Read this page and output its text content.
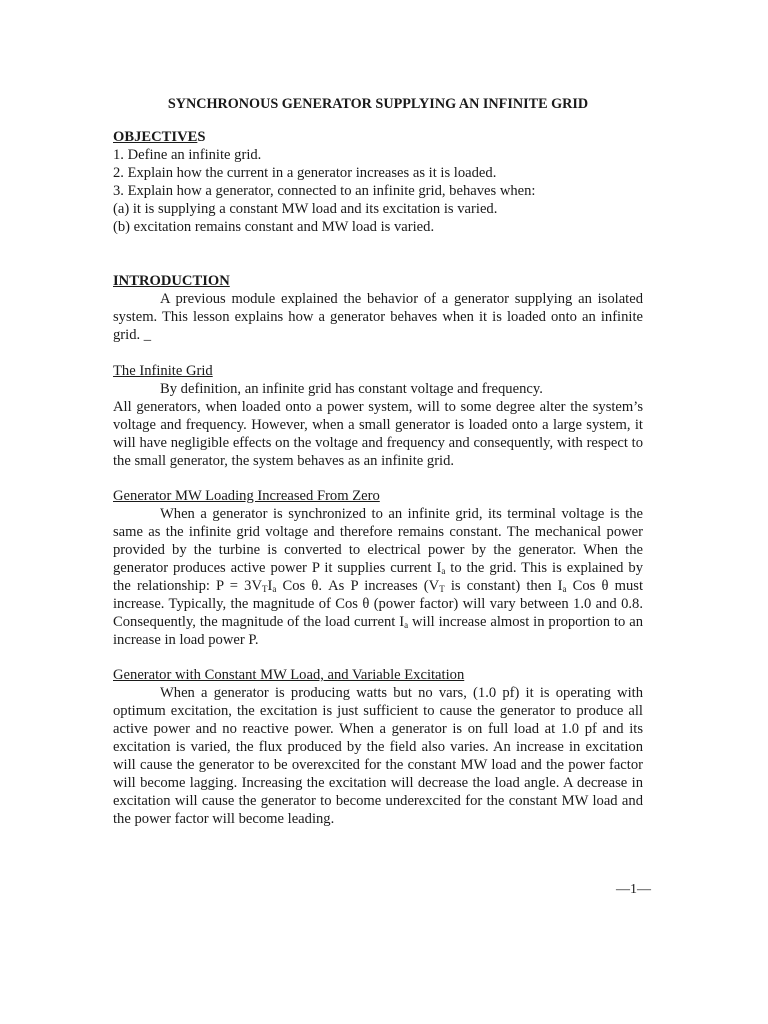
SYNCHRONOUS GENERATOR SUPPLYING AN INFINITE GRID
OBJECTIVES

1. Define an infinite grid.

2. Explain how the current in a generator increases as it is loaded.

3. Explain how a generator, connected to an infinite grid, behaves when:

(a) it is supplying a constant MW load and its excitation is varied.

(b) excitation remains constant and MW load is varied.

INTRODUCTION

A previous module explained the behavior of a generator supplying an isolated system. This lesson explains how a generator behaves when it is loaded onto an infinite grid. _

The Infinite Grid

By definition, an infinite grid has constant voltage and frequency.

All generators, when loaded onto a power system, will to some degree alter the system’s voltage and frequency. However, when a small generator is loaded onto a large system, it will have negligible effects on the voltage and frequency and consequently, with respect to the small generator, the system behaves as an infinite grid.

Generator MW Loading Increased From Zero

When a generator is synchronized to an infinite grid, its terminal voltage is the same as the infinite grid voltage and therefore remains constant. The mechanical power provided by the turbine is converted to electrical power by the generator. When the generator produces active power P it supplies current $I_a$ to the grid. This is explained by the relationship: $P = 3V_TI_a$ Cos θ. As P increases ($V_T$ is constant) then $I_a$ Cos θ must increase. Typically, the magnitude of Cos θ (power factor) will vary between 1.0 and 0.8. Consequently, the magnitude of the load current $I_a$ will increase almost in proportion to an increase in load power P.

Generator with Constant MW Load, and Variable Excitation

When a generator is producing watts but no vars, (1.0 pf) it is operating with optimum excitation, the excitation is just sufficient to cause the generator to produce all active power and no reactive power. When a generator is on full load at 1.0 pf and its excitation is varied, the flux produced by the field also varies. An increase in excitation will cause the generator to be overexcited for the constant MW load and the power factor will become lagging. Increasing the excitation will decrease the load angle. A decrease in excitation will cause the generator to become underexcited for the constant MW load and the power factor will become leading.

—1—
